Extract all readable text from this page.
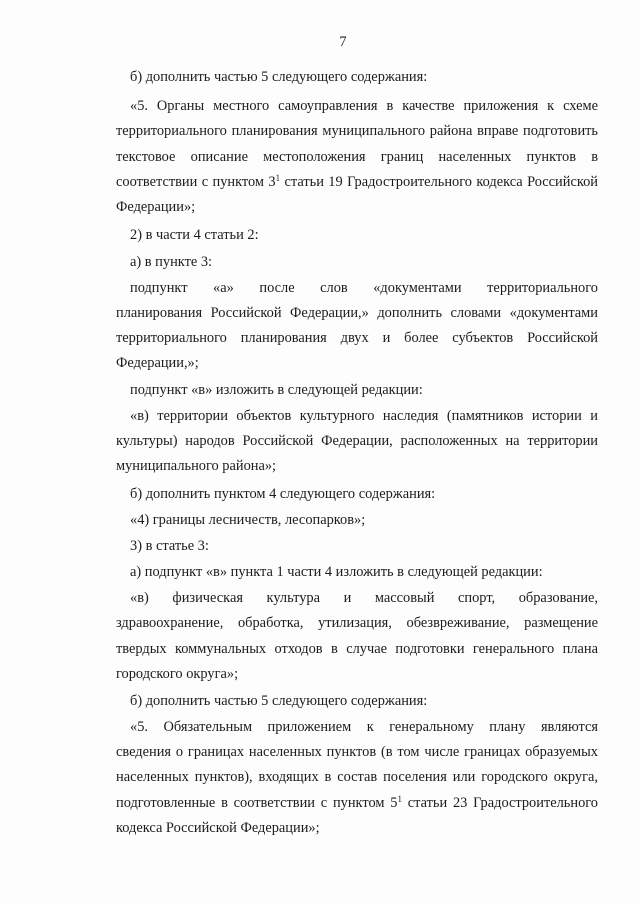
7
б) дополнить частью 5 следующего содержания:
«5. Органы местного самоуправления в качестве приложения к схеме
территориального планирования муниципального района вправе подготовить
текстовое описание местоположения границ населенных пунктов в
соответствии с пунктом $3^1$ статьи 19 Градостроительного кодекса Российской
Федерации»;
2) в части 4 статьи 2:
а) в пункте 3:
подпункт «а» после слов «документами территориального
планирования Российской Федерации,» дополнить словами «документами
территориального планирования двух и более субъектов Российской
Федерации,»;
подпункт «в» изложить в следующей редакции:
«в) территории объектов культурного наследия (памятников истории и
культуры) народов Российской Федерации, расположенных на территории
муниципального района»;
б) дополнить пунктом 4 следующего содержания:
«4) границы лесничеств, лесопарков»;
3) в статье 3:
а) подпункт «в» пункта 1 части 4 изложить в следующей редакции:
«в) физическая культура и массовый спорт, образование,
здравоохранение, обработка, утилизация, обезвреживание, размещение
твердых коммунальных отходов в случае подготовки генерального плана
городского округа»;
б) дополнить частью 5 следующего содержания:
«5. Обязательным приложением к генеральному плану являются
сведения о границах населенных пунктов (в том числе границах образуемых
населенных пунктов), входящих в состав поселения или городского округа,
подготовленные в соответствии с пунктом $5^1$ статьи 23 Градостроительного
кодекса Российской Федерации»;
